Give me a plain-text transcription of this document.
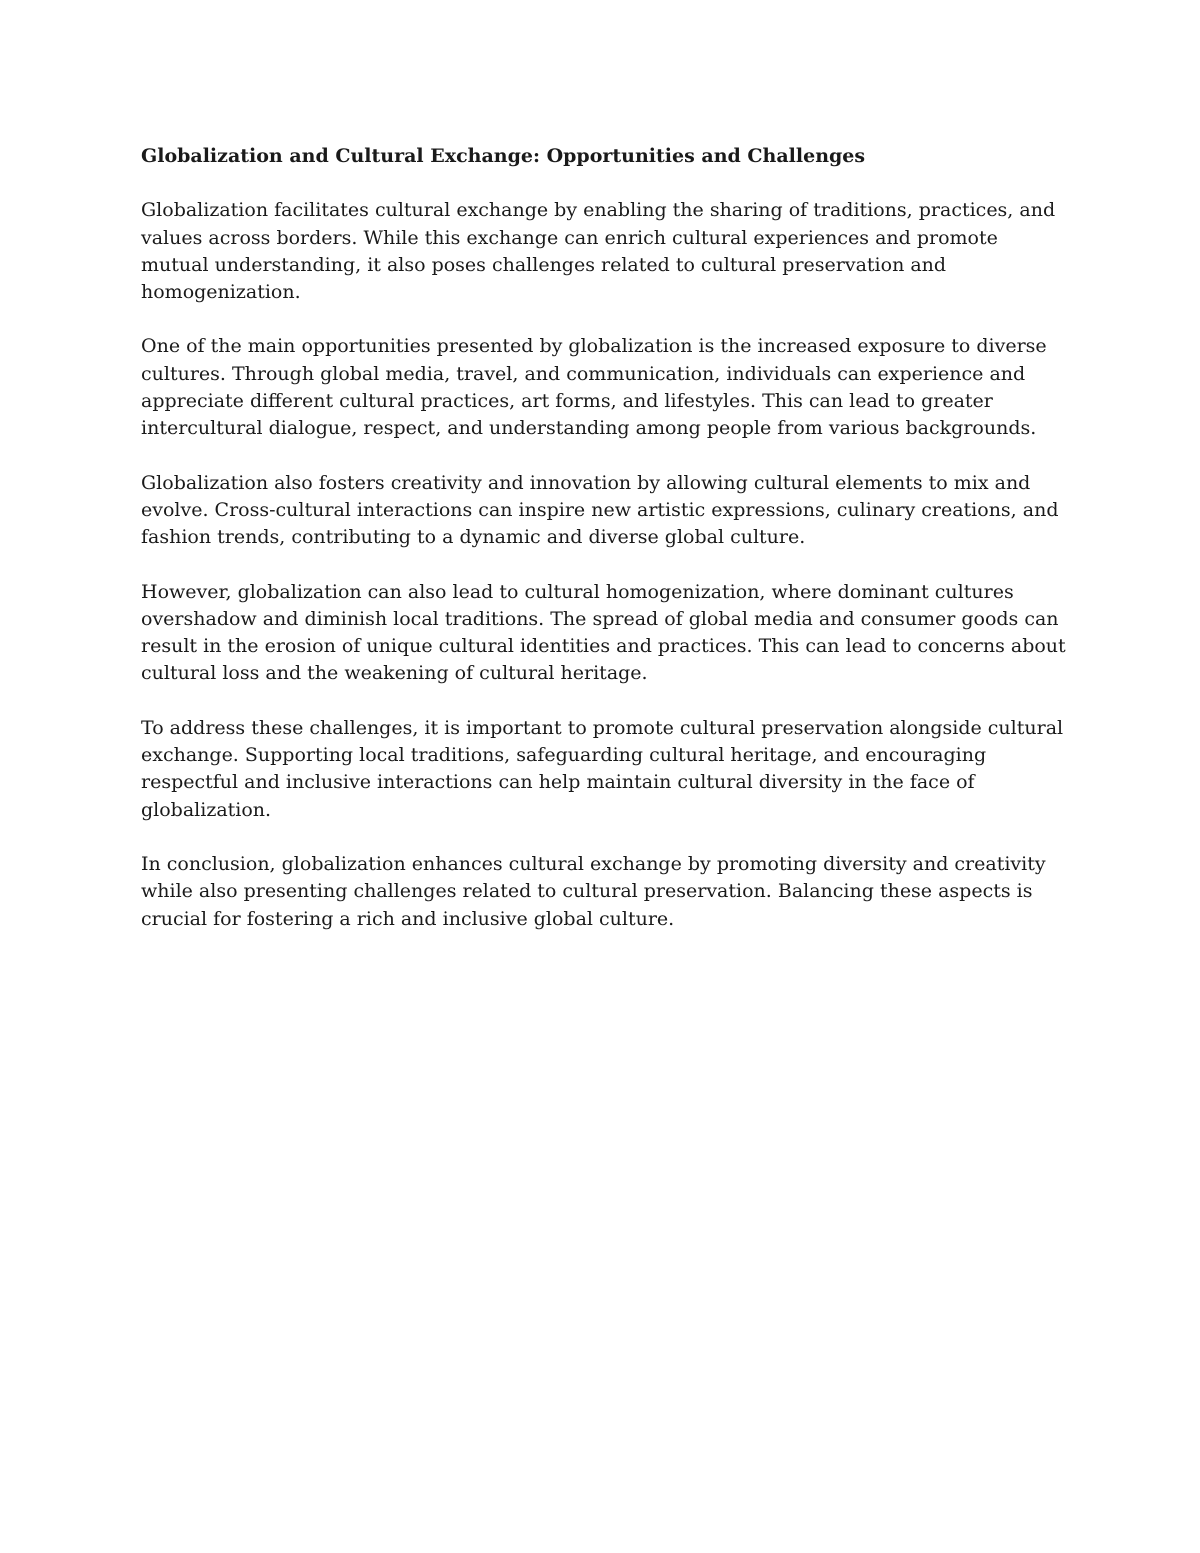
Globalization and Cultural Exchange: Opportunities and Challenges

Globalization facilitates cultural exchange by enabling the sharing of traditions, practices, and values across borders. While this exchange can enrich cultural experiences and promote mutual understanding, it also poses challenges related to cultural preservation and homogenization.

One of the main opportunities presented by globalization is the increased exposure to diverse cultures. Through global media, travel, and communication, individuals can experience and appreciate different cultural practices, art forms, and lifestyles. This can lead to greater intercultural dialogue, respect, and understanding among people from various backgrounds.

Globalization also fosters creativity and innovation by allowing cultural elements to mix and evolve. Cross-cultural interactions can inspire new artistic expressions, culinary creations, and fashion trends, contributing to a dynamic and diverse global culture.

However, globalization can also lead to cultural homogenization, where dominant cultures overshadow and diminish local traditions. The spread of global media and consumer goods can result in the erosion of unique cultural identities and practices. This can lead to concerns about cultural loss and the weakening of cultural heritage.

To address these challenges, it is important to promote cultural preservation alongside cultural exchange. Supporting local traditions, safeguarding cultural heritage, and encouraging respectful and inclusive interactions can help maintain cultural diversity in the face of globalization.

In conclusion, globalization enhances cultural exchange by promoting diversity and creativity while also presenting challenges related to cultural preservation. Balancing these aspects is crucial for fostering a rich and inclusive global culture.
